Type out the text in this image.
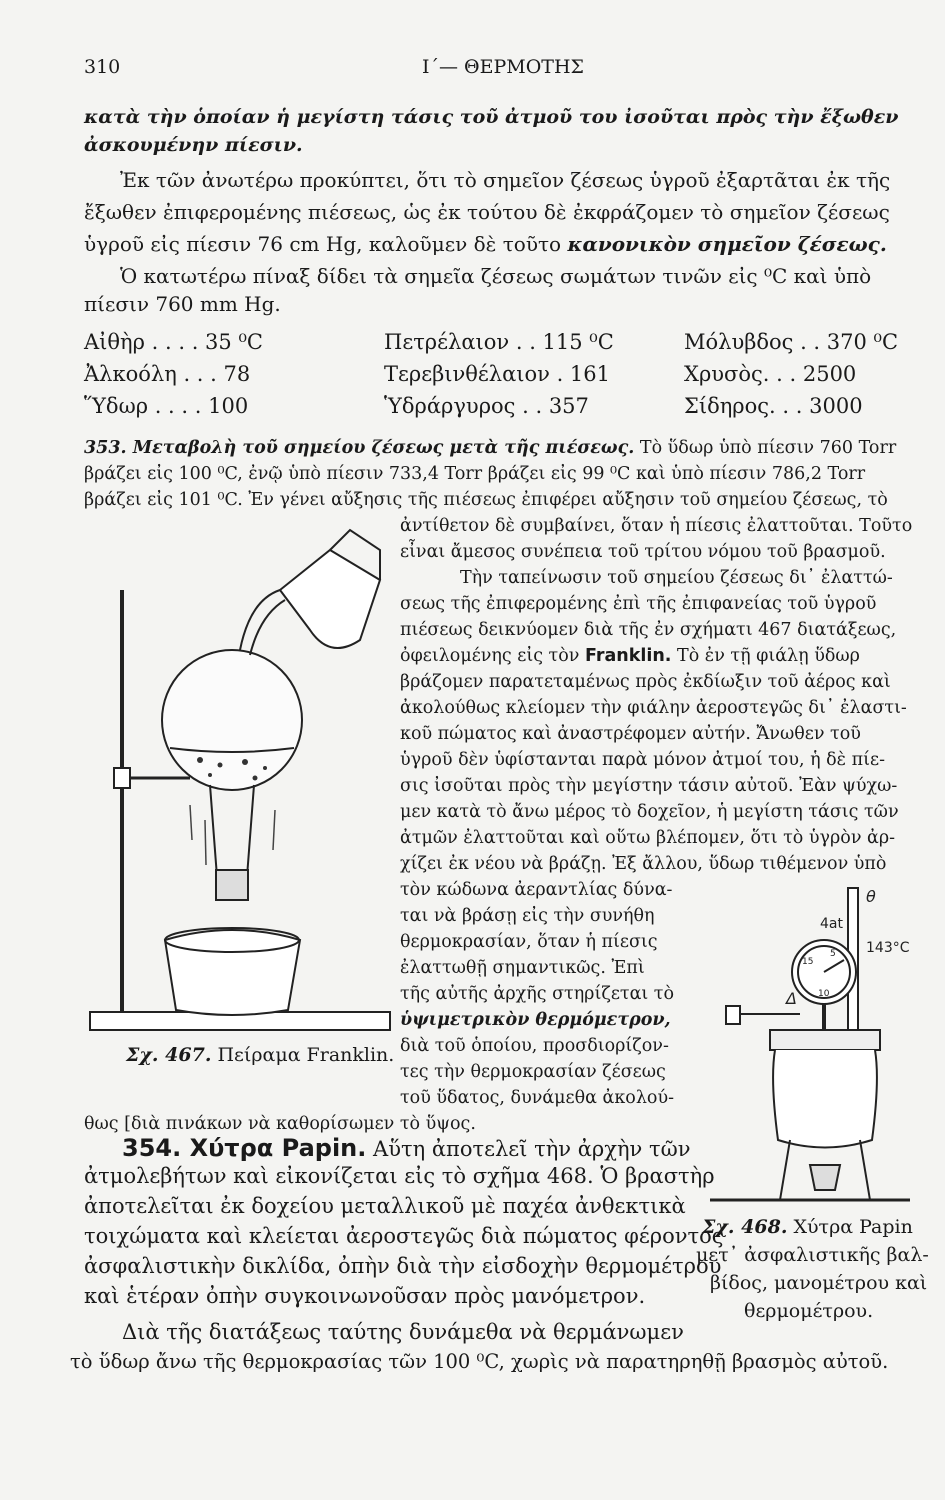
310	Ι΄— ΘΕΡΜΟΤΗΣ
κατὰ τὴν ὁποίαν ἡ μεγίστη τάσις τοῦ ἀτμοῦ του ἰσοῦται πρὸς τὴν ἔξωθεν
ἀσκουμένην πίεσιν.
Ἐκ τῶν ἀνωτέρω προκύπτει, ὅτι τὸ σημεῖον ζέσεως ὑγροῦ ἐξαρτᾶται ἐκ τῆς
ἔξωθεν ἐπιφερομένης πιέσεως, ὡς ἐκ τούτου δὲ ἐκφράζομεν τὸ σημεῖον ζέσεως
ὑγροῦ εἰς πίεσιν 76 cm Hg, καλοῦμεν δὲ τοῦτο κανονικὸν σημεῖον ζέσεως.
Ὁ κατωτέρω πίναξ δίδει τὰ σημεῖα ζέσεως σωμάτων τινῶν εἰς ⁰C καὶ ὑπὸ
πίεσιν 760 mm Hg.
Αἰθὴρ . . . . 35 ⁰C	Πετρέλαιον . . 115 ⁰C	Μόλυβδος . . 370 ⁰C
Ἀλκοόλη . . . 78	Τερεβινθέλαιον . 161	Χρυσὸς. . . 2500
Ὕδωρ . . . . 100	Ὑδράργυρος . . 357	Σίδηρος. . . 3000
353. Μεταβολὴ τοῦ σημείου ζέσεως μετὰ τῆς πιέσεως. Τὸ ὕδωρ ὑπὸ πίεσιν 760 Torr
βράζει εἰς 100 ⁰C, ἐνῷ ὑπὸ πίεσιν 733,4 Torr βράζει εἰς 99 ⁰C καὶ ὑπὸ πίεσιν 786,2 Torr
βράζει εἰς 101 ⁰C. Ἐν γένει αὔξησις τῆς πιέσεως ἐπιφέρει αὔξησιν τοῦ σημείου ζέσεως, τὸ
ἀντίθετον δὲ συμβαίνει, ὅταν ἡ πίεσις ἐλαττοῦται. Τοῦτο
εἶναι ἄμεσος συνέπεια τοῦ τρίτου νόμου τοῦ βρασμοῦ.
Τὴν ταπείνωσιν τοῦ σημείου ζέσεως δι᾽ ἐλαττώ-
σεως τῆς ἐπιφερομένης ἐπὶ τῆς ἐπιφανείας τοῦ ὑγροῦ
πιέσεως δεικνύομεν διὰ τῆς ἐν σχήματι 467 διατάξεως,
ὀφειλομένης εἰς τὸν Franklin. Τὸ ἐν τῇ φιάλῃ ὕδωρ
βράζομεν παρατεταμένως πρὸς ἐκδίωξιν τοῦ ἀέρος καὶ
ἀκολούθως κλείομεν τὴν φιάλην ἀεροστεγῶς δι᾽ ἐλαστι-
κοῦ πώματος καὶ ἀναστρέφομεν αὐτήν. Ἄνωθεν τοῦ
ὑγροῦ δὲν ὑφίστανται παρὰ μόνον ἀτμοί του, ἡ δὲ πίε-
σις ἰσοῦται πρὸς τὴν μεγίστην τάσιν αὐτοῦ. Ἐὰν ψύχω-
μεν κατὰ τὸ ἄνω μέρος τὸ δοχεῖον, ἡ μεγίστη τάσις τῶν
ἀτμῶν ἐλαττοῦται καὶ οὕτω βλέπομεν, ὅτι τὸ ὑγρὸν ἀρ-
χίζει ἐκ νέου νὰ βράζῃ. Ἐξ ἄλλου, ὕδωρ τιθέμενον ὑπὸ
τὸν κώδωνα ἀεραντλίας δύνα-
ται νὰ βράσῃ εἰς τὴν συνήθη
θερμοκρασίαν, ὅταν ἡ πίεσις
ἐλαττωθῇ σημαντικῶς. Ἐπὶ
τῆς αὐτῆς ἀρχῆς στηρίζεται τὸ
ὑψιμετρικὸν θερμόμετρον,
διὰ τοῦ ὁποίου, προσδιορίζον-
τες τὴν θερμοκρασίαν ζέσεως
τοῦ ὕδατος, δυνάμεθα ἀκολού-
θως [διὰ πινάκων νὰ καθορίσωμεν τὸ ὕψος.
Σχ. 467. Πείραμα Franklin.
4at
143°C
θ
Δ
15
5
10
Σχ. 468. Χύτρα Papin
μετ᾽ ἀσφαλιστικῆς βαλ-
βίδος, μανομέτρου καὶ
θερμομέτρου.
354. Χύτρα Papin. Αὕτη ἀποτελεῖ τὴν ἀρχὴν τῶν
ἀτμολεβήτων καὶ εἰκονίζεται εἰς τὸ σχῆμα 468. Ὁ βραστὴρ
ἀποτελεῖται ἐκ δοχείου μεταλλικοῦ μὲ παχέα ἀνθεκτικὰ
τοιχώματα καὶ κλείεται ἀεροστεγῶς διὰ πώματος φέροντος
ἀσφαλιστικὴν δικλίδα, ὀπὴν διὰ τὴν εἰσδοχὴν θερμομέτρου
καὶ ἑτέραν ὀπὴν συγκοινωνοῦσαν πρὸς μανόμετρον.
Διὰ τῆς διατάξεως ταύτης δυνάμεθα νὰ θερμάνωμεν
τὸ ὕδωρ ἄνω τῆς θερμοκρασίας τῶν 100 ⁰C, χωρὶς νὰ παρατηρηθῇ βρασμὸς αὐτοῦ.
